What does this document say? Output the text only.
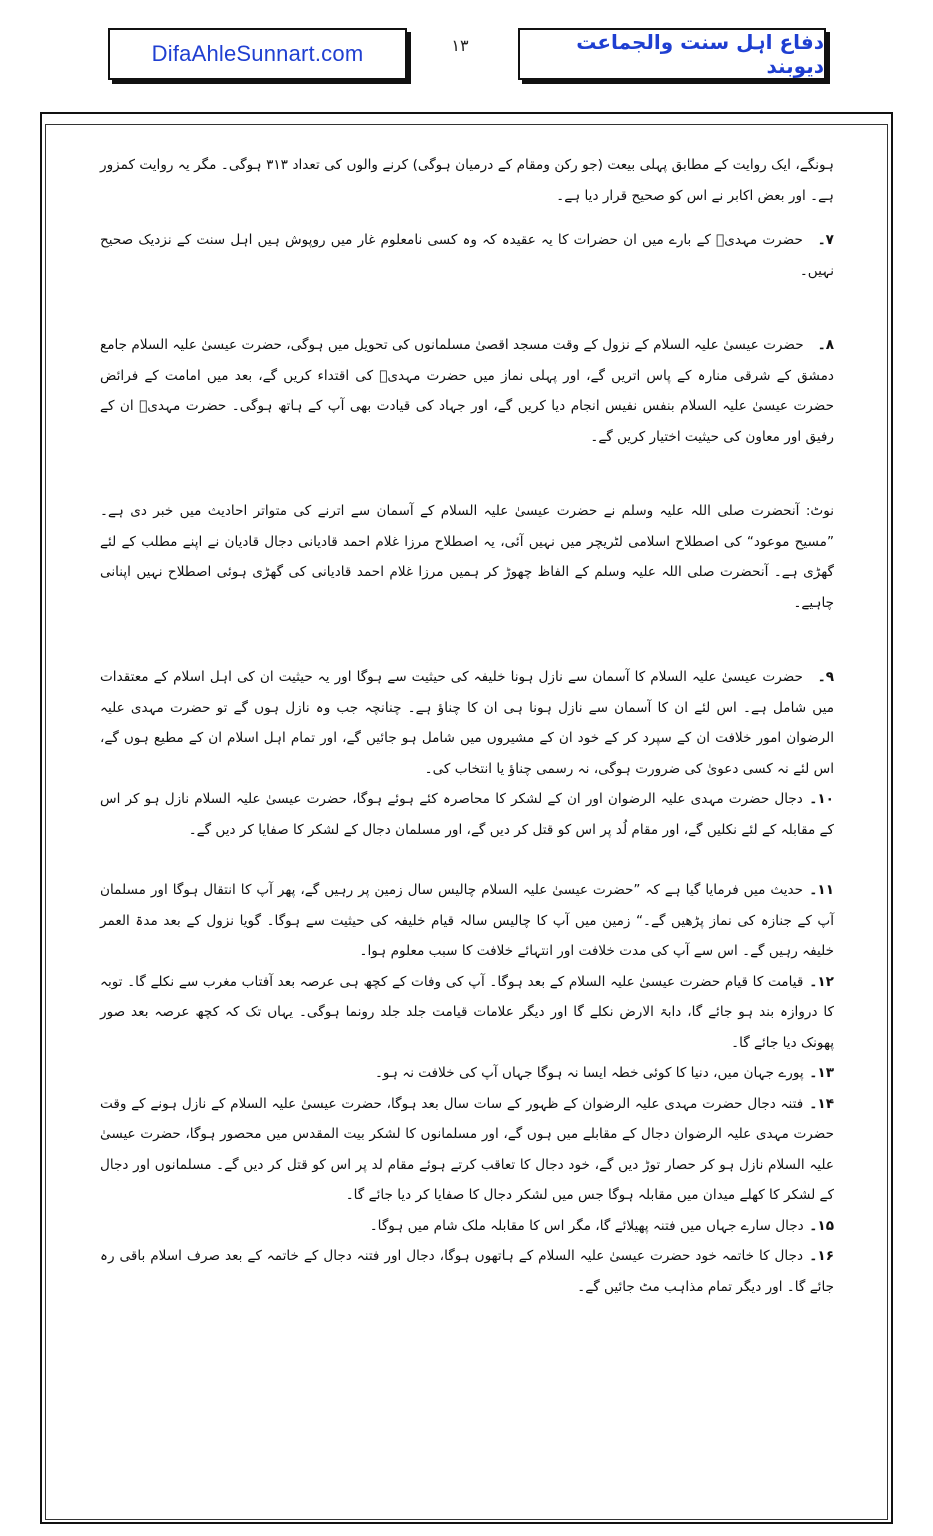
DifaAhleSunnart.com	١٣	دفاع اہل سنت والجماعت دیوبند

ہونگے، ایک روایت کے مطابق پہلی بیعت (جو رکن ومقام کے درمیان ہوگی) کرنے والوں کی تعداد ۳۱۳ ہوگی۔ مگر یہ روایت کمزور ہے۔ اور بعض اکابر نے اس کو صحیح قرار دیا ہے۔

۷۔ حضرت مہدیؒ کے بارے میں ان حضرات کا یہ عقیدہ کہ وہ کسی نامعلوم غار میں روپوش ہیں اہل سنت کے نزدیک صحیح نہیں۔

۸۔ حضرت عیسیٰ علیہ السلام کے نزول کے وقت مسجد اقصیٰ مسلمانوں کی تحویل میں ہوگی، حضرت عیسیٰ علیہ السلام جامع دمشق کے شرقی منارہ کے پاس اتریں گے، اور پہلی نماز میں حضرت مہدیؒ کی اقتداء کریں گے، بعد میں امامت کے فرائض حضرت عیسیٰ علیہ السلام بنفس نفیس انجام دیا کریں گے، اور جہاد کی قیادت بھی آپ کے ہاتھ ہوگی۔ حضرت مہدیؒ ان کے رفیق اور معاون کی حیثیت اختیار کریں گے۔

نوٹ: آنحضرت صلی اللہ علیہ وسلم نے حضرت عیسیٰ علیہ السلام کے آسمان سے اترنے کی متواتر احادیث میں خبر دی ہے۔ ”مسیح موعود“ کی اصطلاح اسلامی لٹریچر میں نہیں آئی، یہ اصطلاح مرزا غلام احمد قادیانی دجال قادیان نے اپنے مطلب کے لئے گھڑی ہے۔ آنحضرت صلی اللہ علیہ وسلم کے الفاظ چھوڑ کر ہمیں مرزا غلام احمد قادیانی کی گھڑی ہوئی اصطلاح نہیں اپنانی چاہیے۔

۹۔ حضرت عیسیٰ علیہ السلام کا آسمان سے نازل ہونا خلیفہ کی حیثیت سے ہوگا اور یہ حیثیت ان کی اہل اسلام کے معتقدات میں شامل ہے۔ اس لئے ان کا آسمان سے نازل ہونا ہی ان کا چناؤ ہے۔ چنانچہ جب وہ نازل ہوں گے تو حضرت مہدی علیہ الرضوان امور خلافت ان کے سپرد کر کے خود ان کے مشیروں میں شامل ہو جائیں گے، اور تمام اہل اسلام ان کے مطیع ہوں گے، اس لئے نہ کسی دعویٰ کی ضرورت ہوگی، نہ رسمی چناؤ یا انتخاب کی۔

۱۰۔ دجال حضرت مہدی علیہ الرضوان اور ان کے لشکر کا محاصرہ کئے ہوئے ہوگا، حضرت عیسیٰ علیہ السلام نازل ہو کر اس کے مقابلہ کے لئے نکلیں گے، اور مقام لُد پر اس کو قتل کر دیں گے، اور مسلمان دجال کے لشکر کا صفایا کر دیں گے۔

۱۱۔ حدیث میں فرمایا گیا ہے کہ ”حضرت عیسیٰ علیہ السلام چالیس سال زمین پر رہیں گے، پھر آپ کا انتقال ہوگا اور مسلمان آپ کے جنازہ کی نماز پڑھیں گے۔“ زمین میں آپ کا چالیس سالہ قیام خلیفہ کی حیثیت سے ہوگا۔ گویا نزول کے بعد مدۃ العمر خلیفہ رہیں گے۔ اس سے آپ کی مدت خلافت اور انتہائے خلافت کا سبب معلوم ہوا۔

۱۲۔ قیامت کا قیام حضرت عیسیٰ علیہ السلام کے بعد ہوگا۔ آپ کی وفات کے کچھ ہی عرصہ بعد آفتاب مغرب سے نکلے گا۔ توبہ کا دروازہ بند ہو جائے گا، دابۃ الارض نکلے گا اور دیگر علامات قیامت جلد جلد رونما ہوگی۔ یہاں تک کہ کچھ عرصہ بعد صور پھونک دیا جائے گا۔

۱۳۔ پورے جہان میں، دنیا کا کوئی خطہ ایسا نہ ہوگا جہاں آپ کی خلافت نہ ہو۔

۱۴۔ فتنہ دجال حضرت مہدی علیہ الرضوان کے ظہور کے سات سال بعد ہوگا، حضرت عیسیٰ علیہ السلام کے نازل ہونے کے وقت حضرت مہدی علیہ الرضوان دجال کے مقابلے میں ہوں گے، اور مسلمانوں کا لشکر بیت المقدس میں محصور ہوگا، حضرت عیسیٰ علیہ السلام نازل ہو کر حصار توڑ دیں گے، خود دجال کا تعاقب کرتے ہوئے مقام لد پر اس کو قتل کر دیں گے۔ مسلمانوں اور دجال کے لشکر کا کھلے میدان میں مقابلہ ہوگا جس میں لشکر دجال کا صفایا کر دیا جائے گا۔

۱۵۔ دجال سارے جہاں میں فتنہ پھیلائے گا، مگر اس کا مقابلہ ملک شام میں ہوگا۔

۱۶۔ دجال کا خاتمہ خود حضرت عیسیٰ علیہ السلام کے ہاتھوں ہوگا، دجال اور فتنہ دجال کے خاتمہ کے بعد صرف اسلام باقی رہ جائے گا۔ اور دیگر تمام مذاہب مٹ جائیں گے۔
